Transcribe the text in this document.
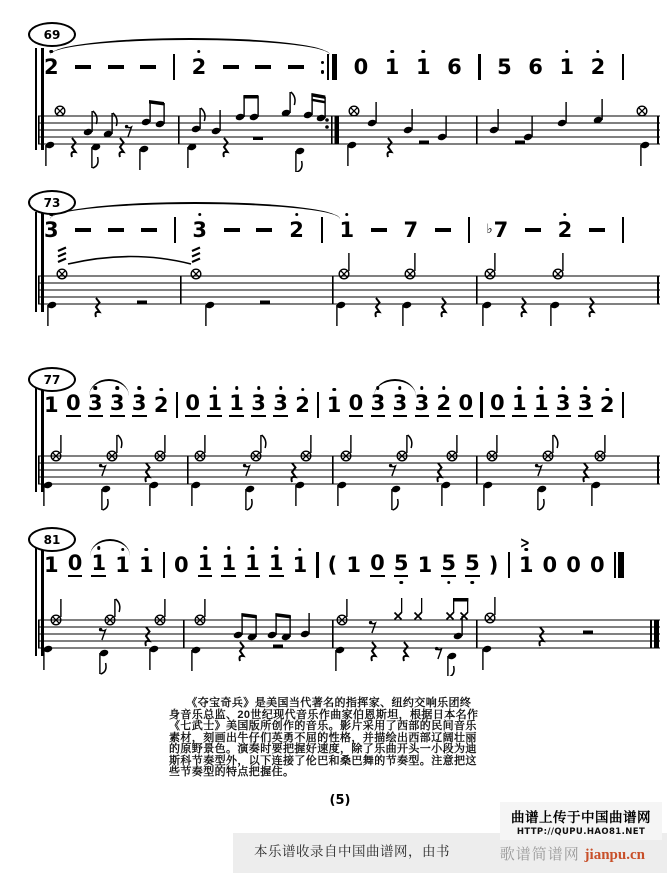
69
2	2	0 1 1 6 5 6 1 2
73
3	3	2 1 7	♭7 2
77
1 0 3 3 3 2 0 1 1 3 3 2 1 0 3 3 3 2 0 0 1 1 3 3 2
81
1 0 1 1 1 0 1 1 1 1 1 ( 1 0 5 1 5 5 ) 1
>
0 0 0
　　《夺宝奇兵》是美国当代著名的指挥家、纽约交响乐团终
身音乐总监、20世纪现代音乐作曲家伯恩斯坦，根据日本名作
《七武士》美国版所创作的音乐。影片采用了西部的民间音乐
素材，刻画出牛仔们英勇不屈的性格，并描绘出西部辽阔壮丽
的原野景色。演奏时要把握好速度，除了乐曲开头一小段为迪
斯科节奏型外，以下连接了伦巴和桑巴舞的节奏型。注意把这
些节奏型的特点把握住。
(5)
本乐谱收录自中国曲谱网，由书
曲谱上传于中国曲谱网
HTTP://QUPU.HAO81.NET
歌谱简谱网 jianpu.cn
